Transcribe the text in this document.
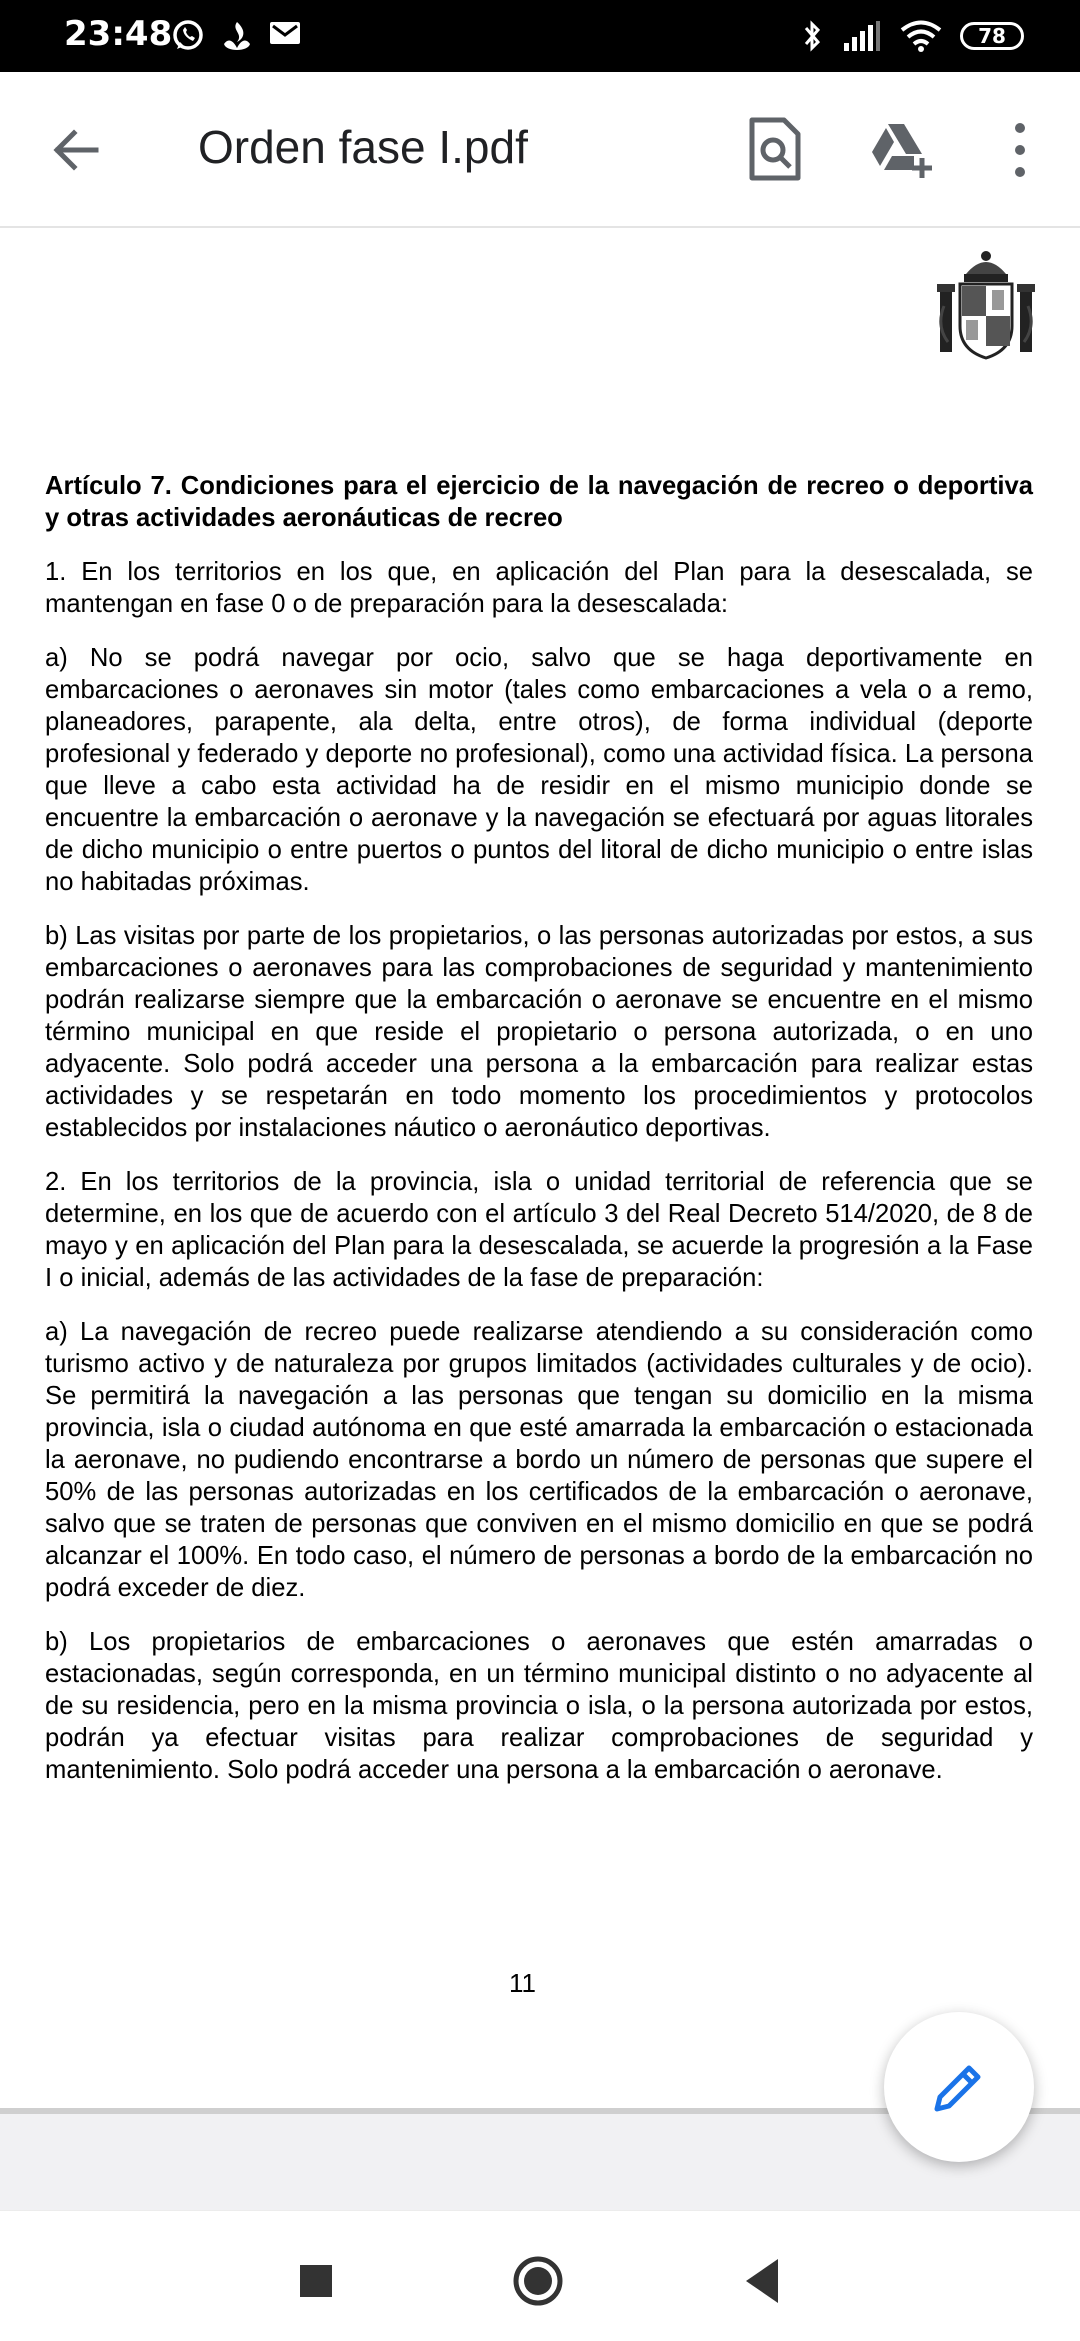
23:48	78
Orden fase I.pdf

Artículo 7. Condiciones para el ejercicio de la navegación de recreo o deportiva y otras actividades aeronáuticas de recreo

1. En los territorios en los que, en aplicación del Plan para la desescalada, se mantengan en fase 0 o de preparación para la desescalada:

a) No se podrá navegar por ocio, salvo que se haga deportivamente en embarcaciones o aeronaves sin motor (tales como embarcaciones a vela o a remo, planeadores, parapente, ala delta, entre otros), de forma individual (deporte profesional y federado y deporte no profesional), como una actividad física. La persona que lleve a cabo esta actividad ha de residir en el mismo municipio donde se encuentre la embarcación o aeronave y la navegación se efectuará por aguas litorales de dicho municipio o entre puertos o puntos del litoral de dicho municipio o entre islas no habitadas próximas.

b) Las visitas por parte de los propietarios, o las personas autorizadas por estos, a sus embarcaciones o aeronaves para las comprobaciones de seguridad y mantenimiento podrán realizarse siempre que la embarcación o aeronave se encuentre en el mismo término municipal en que reside el propietario o persona autorizada, o en uno adyacente. Solo podrá acceder una persona a la embarcación para realizar estas actividades y se respetarán en todo momento los procedimientos y protocolos establecidos por instalaciones náutico o aeronáutico deportivas.

2. En los territorios de la provincia, isla o unidad territorial de referencia que se determine, en los que de acuerdo con el artículo 3 del Real Decreto 514/2020, de 8 de mayo y en aplicación del Plan para la desescalada, se acuerde la progresión a la Fase I o inicial, además de las actividades de la fase de preparación:

a) La navegación de recreo puede realizarse atendiendo a su consideración como turismo activo y de naturaleza por grupos limitados (actividades culturales y de ocio). Se permitirá la navegación a las personas que tengan su domicilio en la misma provincia, isla o ciudad autónoma en que esté amarrada la embarcación o estacionada la aeronave, no pudiendo encontrarse a bordo un número de personas que supere el 50% de las personas autorizadas en los certificados de la embarcación o aeronave, salvo que se traten de personas que conviven en el mismo domicilio en que se podrá alcanzar el 100%. En todo caso, el número de personas a bordo de la embarcación no podrá exceder de diez.

b) Los propietarios de embarcaciones o aeronaves que estén amarradas o estacionadas, según corresponda, en un término municipal distinto o no adyacente al de su residencia, pero en la misma provincia o isla, o la persona autorizada por estos, podrán ya efectuar visitas para realizar comprobaciones de seguridad y mantenimiento. Solo podrá acceder una persona a la embarcación o aeronave.

11
